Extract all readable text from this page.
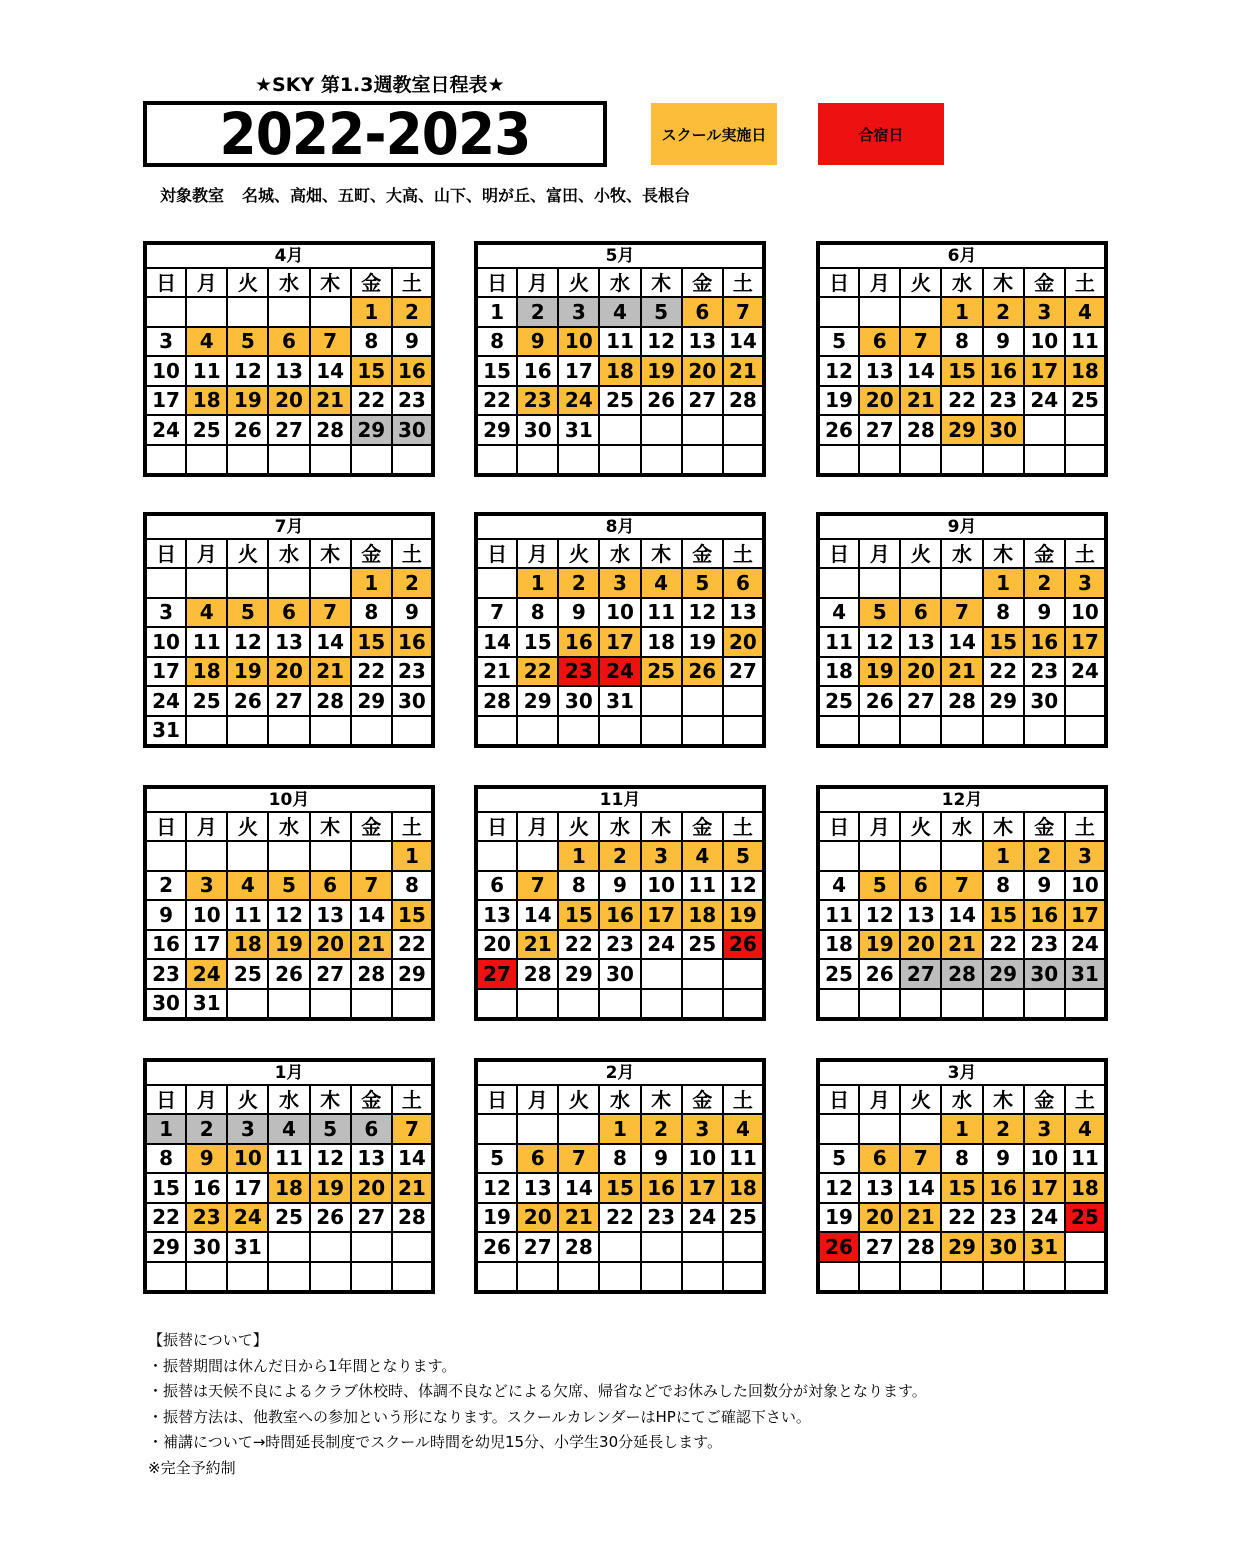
★SKY 第1.3週教室日程表★
2022-2023	スクール実施日	合宿日
対象教室 名城、高畑、五町、大高、山下、明が丘、富田、小牧、長根台
4月						
日	月	火	水	木	金	土
					1	2
3	4	5	6	7	8	9
10	11	12	13	14	15	16
17	18	19	20	21	22	23
24	25	26	27	28	29	30

5月						
日	月	火	水	木	金	土
1	2	3	4	5	6	7
8	9	10	11	12	13	14
15	16	17	18	19	20	21
22	23	24	25	26	27	28
29	30	31				

6月						
日	月	火	水	木	金	土
			1	2	3	4
5	6	7	8	9	10	11
12	13	14	15	16	17	18
19	20	21	22	23	24	25
26	27	28	29	30		

7月						
日	月	火	水	木	金	土
					1	2
3	4	5	6	7	8	9
10	11	12	13	14	15	16
17	18	19	20	21	22	23
24	25	26	27	28	29	30
31						
8月						
日	月	火	水	木	金	土
	1	2	3	4	5	6
7	8	9	10	11	12	13
14	15	16	17	18	19	20
21	22	23	24	25	26	27
28	29	30	31			

9月						
日	月	火	水	木	金	土
				1	2	3
4	5	6	7	8	9	10
11	12	13	14	15	16	17
18	19	20	21	22	23	24
25	26	27	28	29	30	

10月						
日	月	火	水	木	金	土
						1
2	3	4	5	6	7	8
9	10	11	12	13	14	15
16	17	18	19	20	21	22
23	24	25	26	27	28	29
30	31					
11月						
日	月	火	水	木	金	土
		1	2	3	4	5
6	7	8	9	10	11	12
13	14	15	16	17	18	19
20	21	22	23	24	25	26
27	28	29	30			

12月						
日	月	火	水	木	金	土
				1	2	3
4	5	6	7	8	9	10
11	12	13	14	15	16	17
18	19	20	21	22	23	24
25	26	27	28	29	30	31

1月						
日	月	火	水	木	金	土
1	2	3	4	5	6	7
8	9	10	11	12	13	14
15	16	17	18	19	20	21
22	23	24	25	26	27	28
29	30	31				

2月						
日	月	火	水	木	金	土
			1	2	3	4
5	6	7	8	9	10	11
12	13	14	15	16	17	18
19	20	21	22	23	24	25
26	27	28				

3月						
日	月	火	水	木	金	土
			1	2	3	4
5	6	7	8	9	10	11
12	13	14	15	16	17	18
19	20	21	22	23	24	25
26	27	28	29	30	31	

【振替について】
・振替期間は休んだ日から1年間となります。
・振替は天候不良によるクラブ休校時、体調不良などによる欠席、帰省などでお休みした回数分が対象となります。
・振替方法は、他教室への参加という形になります。スクールカレンダーはHPにてご確認下さい。
・補講について→時間延長制度でスクール時間を幼児15分、小学生30分延長します。
※完全予約制
